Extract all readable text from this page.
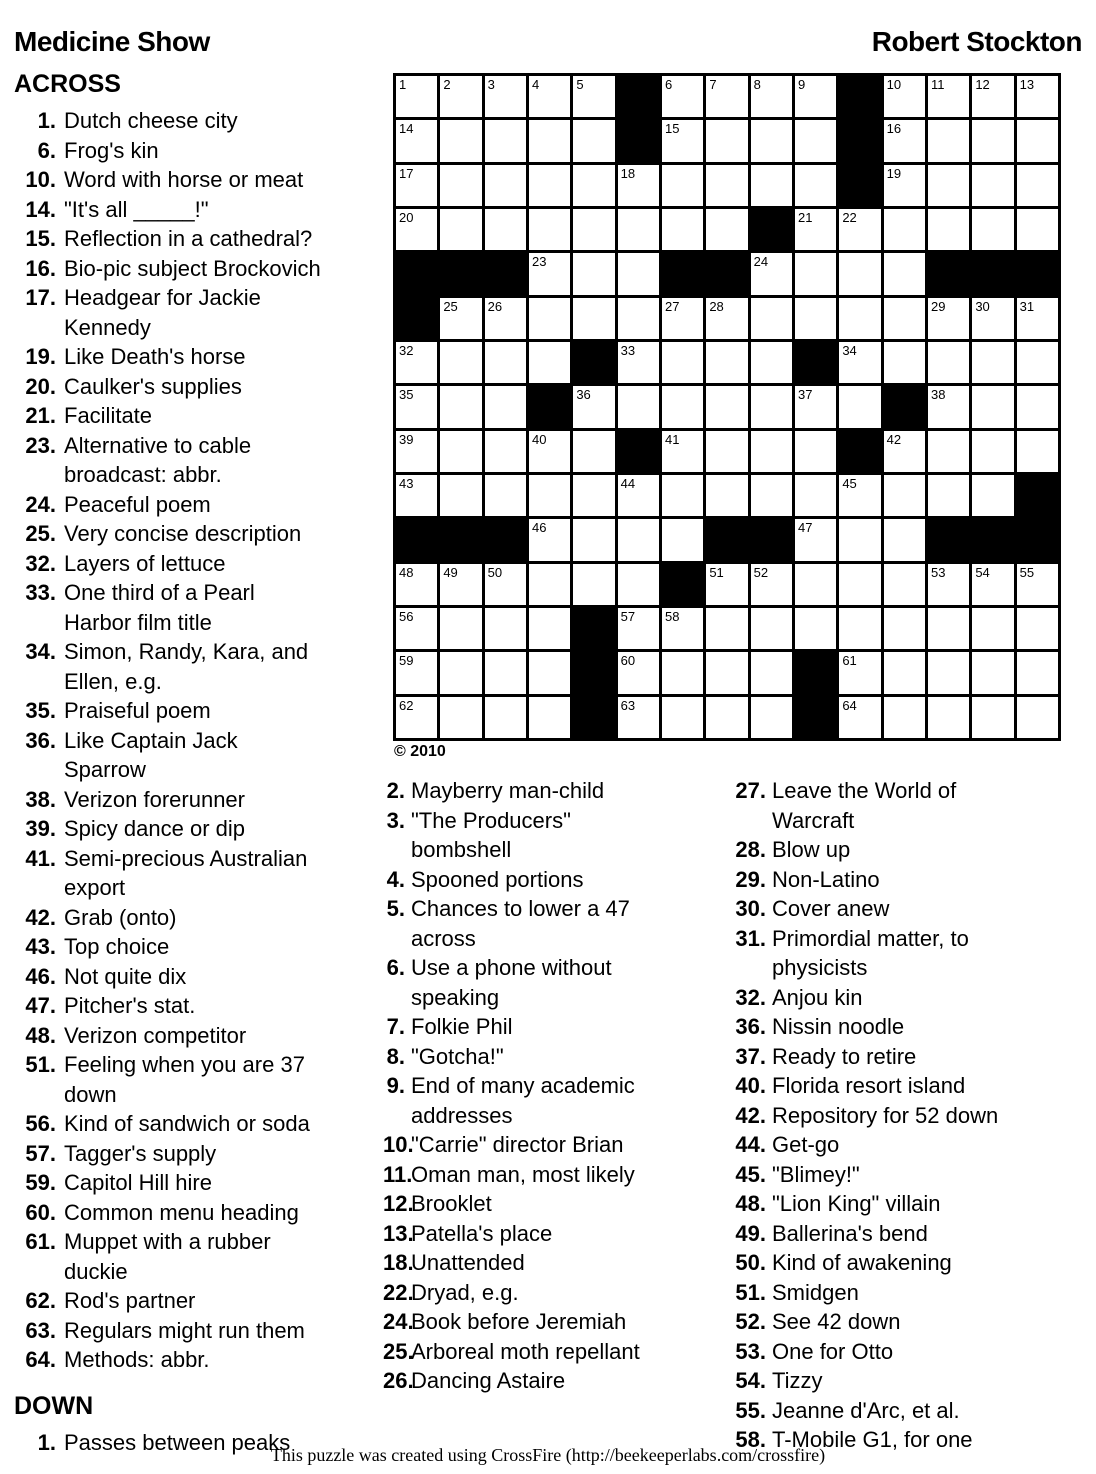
Medicine Show	Robert Stockton
1	2	3	4	5	6	7	8	9	10 11 12 13
14	15	16
17	18	19
20	21 22
23	24
25 26	27 28	29 30 31
32	33	34
35	36	37	38
39	40	41	42
43	44	45
46	47
48 49 50	51 52	53 54 55
56	57 58
59	60	61
62	63	64
© 2010
ACROSS
1. Dutch cheese city
6. Frog's kin
10. Word with horse or meat
14. "It's all _____!"
15. Reflection in a cathedral?
16. Bio-pic subject Brockovich
17. Headgear for Jackie Kennedy
19. Like Death's horse
20. Caulker's supplies
21. Facilitate
23. Alternative to cable broadcast: abbr.
24. Peaceful poem
25. Very concise description
32. Layers of lettuce
33. One third of a Pearl Harbor film title
34. Simon, Randy, Kara, and Ellen, e.g.
35. Praiseful poem
36. Like Captain Jack Sparrow
38. Verizon forerunner
39. Spicy dance or dip
41. Semi-precious Australian export
42. Grab (onto)
43. Top choice
46. Not quite dix
47. Pitcher's stat.
48. Verizon competitor
51. Feeling when you are 37 down
56. Kind of sandwich or soda
57. Tagger's supply
59. Capitol Hill hire
60. Common menu heading
61. Muppet with a rubber duckie
62. Rod's partner
63. Regulars might run them
64. Methods: abbr.
DOWN
1. Passes between peaks
2. Mayberry man-child
3. "The Producers" bombshell
4. Spooned portions
5. Chances to lower a 47 across
6. Use a phone without speaking
7. Folkie Phil
8. "Gotcha!"
9. End of many academic addresses
10.
"Carrie" director Brian
11.
Oman man, most likely
12.
Brooklet
13.
Patella's place
18.
Unattended
22.
Dryad, e.g.
24.
Book before Jeremiah
25.
Arboreal moth repellant
26.
Dancing Astaire
27. Leave the World of Warcraft
28. Blow up
29. Non-Latino
30. Cover anew
31. Primordial matter, to physicists
32. Anjou kin
36. Nissin noodle
37. Ready to retire
40. Florida resort island
42. Repository for 52 down
44. Get-go
45. "Blimey!"
48. "Lion King" villain
49. Ballerina's bend
50. Kind of awakening
51. Smidgen
52. See 42 down
53. One for Otto
54. Tizzy
55. Jeanne d'Arc, et al.
58. T-Mobile G1, for one
This puzzle was created using CrossFire (http://beekeeperlabs.com/crossfire)
